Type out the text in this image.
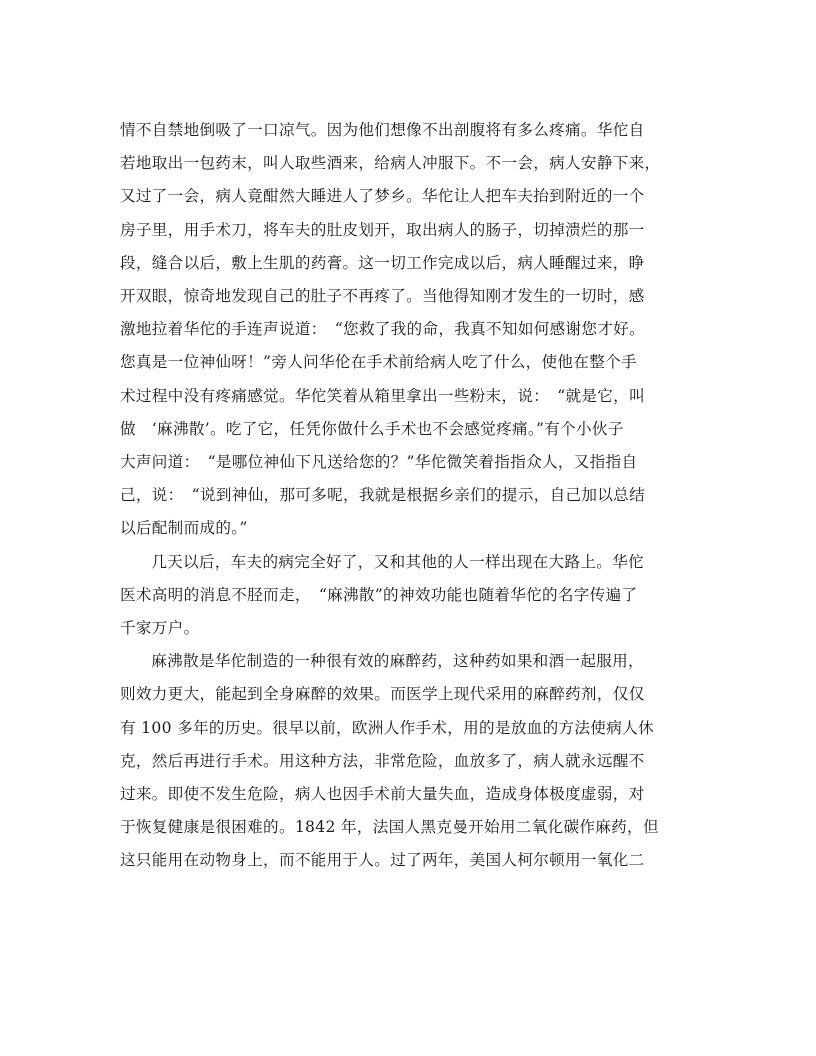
情不自禁地倒吸了一口凉气。因为他们想像不出剖腹将有多么疼痛。华佗自
若地取出一包药末，叫人取些酒来，给病人冲服下。不一会，病人安静下来，
又过了一会，病人竟酣然大睡进人了梦乡。华佗让人把车夫抬到附近的一个
房子里，用手术刀，将车夫的肚皮划开，取出病人的肠子，切掉溃烂的那一
段，缝合以后，敷上生肌的药膏。这一切工作完成以后，病人睡醒过来，睁
开双眼，惊奇地发现自己的肚子不再疼了。当他得知刚才发生的一切时，感
激地拉着华佗的手连声说道：　“您救了我的命，我真不知如何感谢您才好。
您真是一位神仙呀！”旁人问华伦在手术前给病人吃了什么，使他在整个手
术过程中没有疼痛感觉。华佗笑着从箱里拿出一些粉末，说：　“就是它，叫
做　‘麻沸散’。吃了它，任凭你做什么手术也不会感觉疼痛。”有个小伙子
大声问道：　“是哪位神仙下凡送给您的？”华佗微笑着指指众人，又指指自
己，说：　“说到神仙，那可多呢，我就是根据乡亲们的提示，自己加以总结
以后配制而成的。”
几天以后，车夫的病完全好了，又和其他的人一样出现在大路上。华佗
医术高明的消息不胫而走，　“麻沸散”的神效功能也随着华佗的名字传遍了
千家万户。
麻沸散是华佗制造的一种很有效的麻醉药，这种药如果和酒一起服用，
则效力更大，能起到全身麻醉的效果。而医学上现代采用的麻醉药剂，仅仅
有 100 多年的历史。很早以前，欧洲人作手术，用的是放血的方法使病人休
克，然后再进行手术。用这种方法，非常危险，血放多了，病人就永远醒不
过来。即使不发生危险，病人也因手术前大量失血，造成身体极度虚弱，对
于恢复健康是很困难的。1842 年，法国人黑克曼开始用二氧化碳作麻药，但
这只能用在动物身上，而不能用于人。过了两年，美国人柯尔顿用一氧化二
